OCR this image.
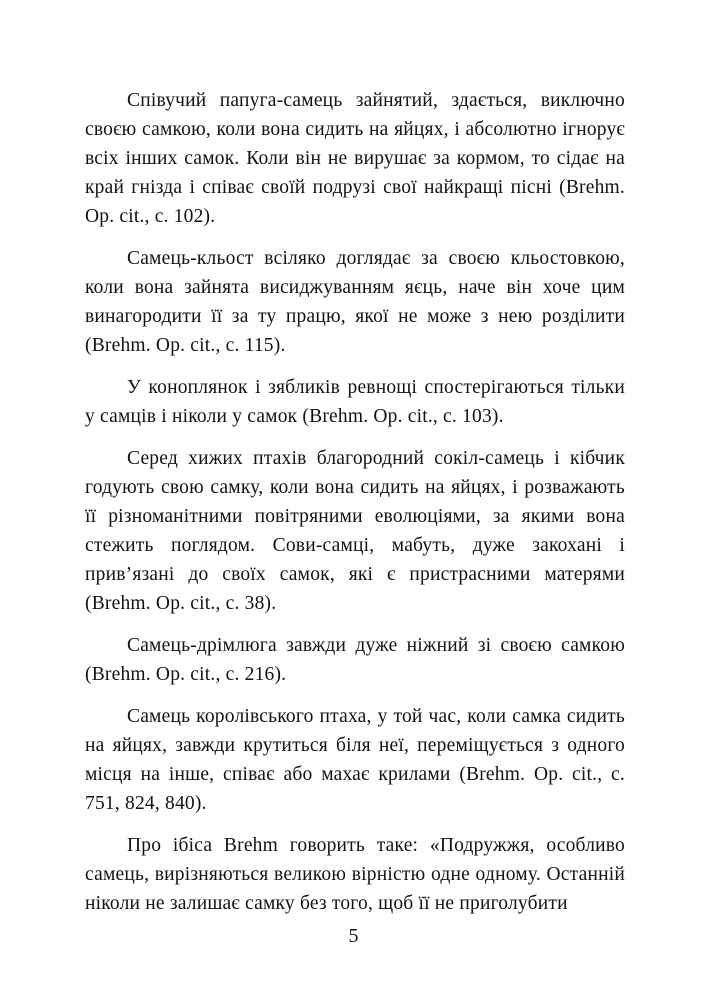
Співучий папуга-самець зайнятий, здається, виключно своєю самкою, коли вона сидить на яйцях, і абсолютно ігнорує всіх інших самок. Коли він не вирушає за кормом, то сідає на край гнізда і співає своїй подрузі свої найкращі пісні (Brehm. Op. cit., с. 102).

Самець-кльост всіляко доглядає за своєю кльостовкою, коли вона зайнята висиджуванням яєць, наче він хоче цим винагородити її за ту працю, якої не може з нею розділити (Brehm. Op. cit., с. 115).

У коноплянок і зябликів ревнощі спостерігаються тільки у самців і ніколи у самок (Brehm. Op. cit., с. 103).

Серед хижих птахів благородний сокіл-самець і кібчик годують свою самку, коли вона сидить на яйцях, і розважають її різноманітними повітряними еволюціями, за якими вона стежить поглядом. Сови-самці, мабуть, дуже закохані і прив’язані до своїх самок, які є пристрасними матерями (Brehm. Op. cit., с. 38).

Самець-дрімлюга завжди дуже ніжний зі своєю самкою (Brehm. Op. cit., с. 216).

Самець королівського птаха, у той час, коли самка сидить на яйцях, завжди крутиться біля неї, переміщується з одного місця на інше, співає або махає крилами (Brehm. Op. cit., с. 751, 824, 840).

Про ібіса Brehm говорить таке: «Подружжя, особливо самець, вирізняються великою вірністю одне одному. Останній ніколи не залишає самку без того, щоб її не приголубити

5
